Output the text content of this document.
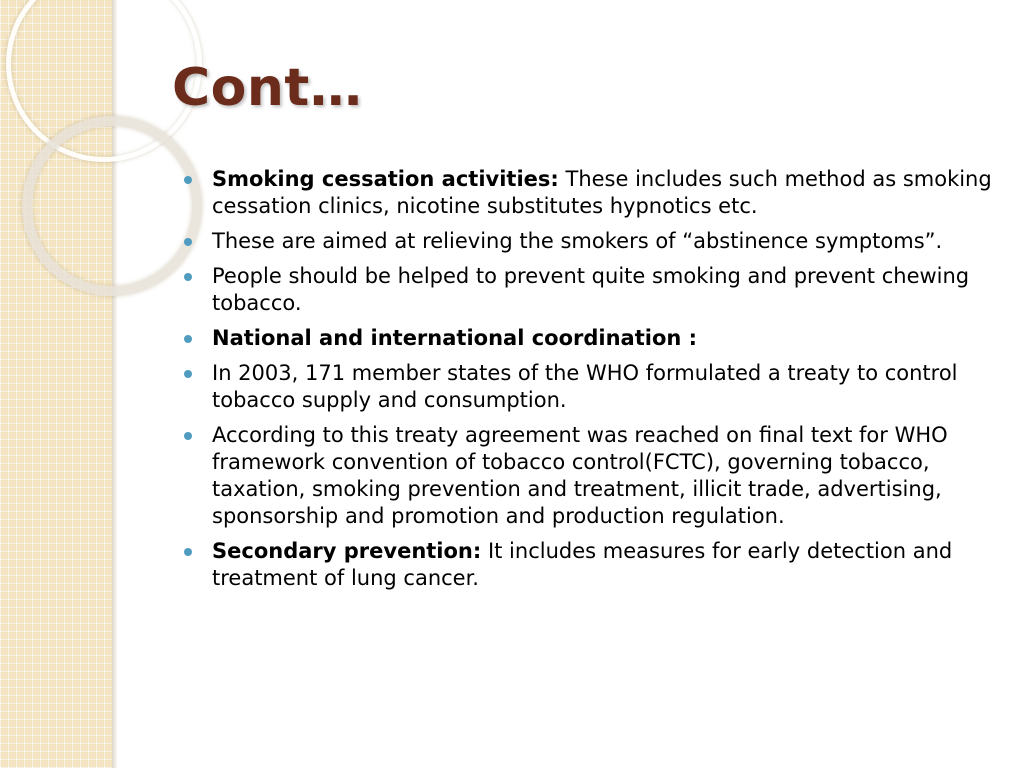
Cont…
Smoking cessation activities: These includes such method as smoking cessation clinics, nicotine substitutes hypnotics etc.
These are aimed at relieving the smokers of “abstinence symptoms”.
People should be helped to prevent quite smoking and prevent chewing tobacco.
National and international coordination :
In 2003, 171 member states of the WHO formulated a treaty to control tobacco supply and consumption.
According to this treaty agreement was reached on final text for WHO framework convention of tobacco control(FCTC), governing tobacco, taxation, smoking prevention and treatment, illicit trade, advertising, sponsorship and promotion and production regulation.
Secondary prevention: It includes measures for early detection and treatment of lung cancer.
